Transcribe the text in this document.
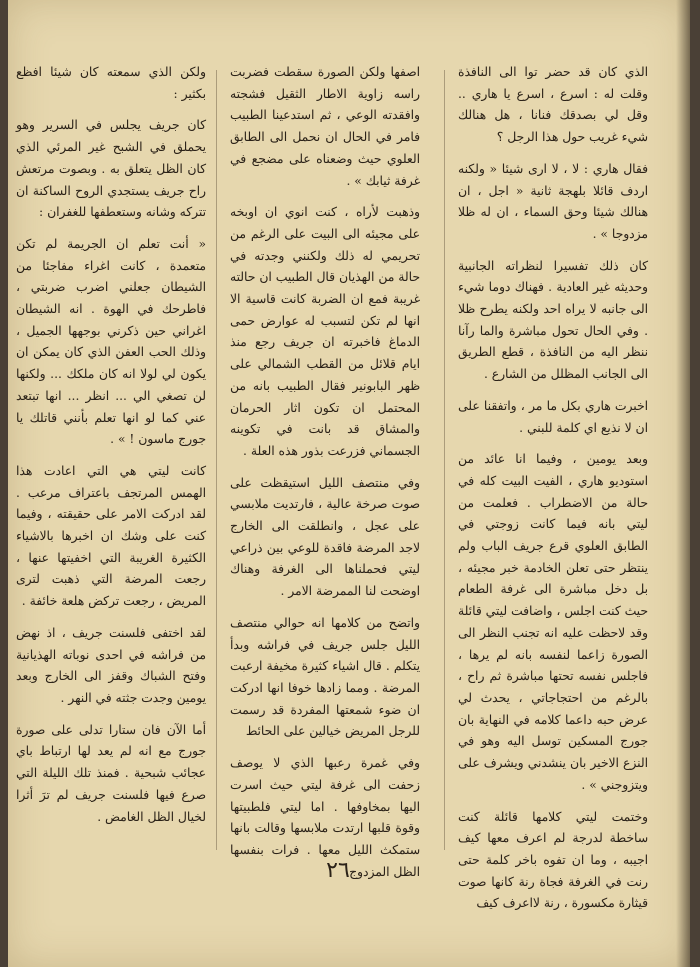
الذي كان قد حضر توا الى النافذة وقلت له : اسرع ، اسرع يا هاري .. وقل لي بصدقك فنانا ، هل هنالك شيء غريب حول هذا الرجل ؟

فقال هاري : لا ، لا ارى شيئا « ولكنه اردف قائلا بلهجة ثانية « اجل ، ان هنالك شيئا وحق السماء ، ان له ظلا مزدوجا » .

كان ذلك تفسيرا لنظراته الجانبية وحديثه غير العادية . فهناك دوما شيء الى جانبه لا يراه احد ولكنه يطرح ظلا . وفي الحال تحول مباشرة والما رآنا ننظر اليه من النافذة ، قطع الطريق الى الجانب المظلل من الشارع .

اخبرت هاري بكل ما مر ، واتفقنا على ان لا نذيع اي كلمة للبني .

وبعد يومين ، وفيما انا عائد من استوديو هاري ، الفيت البيت كله في حالة من الاضطراب . فعلمت من ليتي بانه فيما كانت زوجتي في الطابق العلوي قرع جريف الباب ولم ينتظر حتى تعلن الخادمة خبر مجيئه ، بل دخل مباشرة الى غرفة الطعام حيث كنت اجلس ، واضافت ليتي قائلة وقد لاحظت عليه انه تجنب النظر الى الصورة زاعما لنفسه بانه لم يرها ، فاجلس نفسه تحتها مباشرة ثم راح ، بالرغم من احتجاجاتي ، يحدث لي عرض حبه داعما كلامه في النهاية بان جورج المسكين توسل اليه وهو في النزع الاخير بان ينشدني ويشرف على ويتزوجني » .

وختمت ليتي كلامها قائلة كنت ساخطة لدرجة لم اعرف معها كيف اجيبه ، وما ان تفوه باخر كلمة حتى رنت في الغرفة فجاة رنة كانها صوت قيثارة مكسورة ، رنة لااعرف كيف

اصفها ولكن الصورة سقطت فضربت راسه زاوية الاطار الثقيل فشجته وافقدته الوعي ، ثم استدعينا الطبيب فامر في الحال ان نحمل الى الطابق العلوي حيث وضعناه على مضجع في غرفة ثيابك » .

وذهبت لأراه ، كنت انوي ان اوبخه على مجيئه الى البيت على الرغم من تحريمي له ذلك ولكنني وجدته في حالة من الهذيان قال الطبيب ان حالته غريبة فمع ان الضربة كانت قاسية الا انها لم تكن لتسبب له عوارض حمى الدماغ فاخبرته ان جريف رجع منذ ايام قلائل من القطب الشمالي على ظهر البابونير فقال الطبيب بانه من المحتمل ان تكون اثار الحرمان والمشاق قد بانت في تكوينه الجسماني فزرعت بذور هذه العلة .

وفي منتصف الليل استيقظت على صوت صرخة عالية ، فارتديت ملابسي على عجل ، وانطلقت الى الخارج لاجد المرضة فاقدة للوعي بين ذراعي ليتي فحملناها الى الغرفة وهناك اوضحت لنا الممرضة الامر .

واتضح من كلامها انه حوالي منتصف الليل جلس جريف في فراشه وبدأ يتكلم . قال اشياء كثيرة مخيفة ارعبت المرضة . ومما زادها خوفا انها ادركت ان ضوء شمعتها المفردة قد رسمت للرجل المريض خيالين على الحائط

وفي غمرة رعبها الذي لا يوصف زحفت الى غرفة ليتي حيث اسرت اليها بمخاوفها . اما ليتي فلطبيتها وقوة قلبها ارتدت ملابسها وقالت بانها ستمكث الليل معها . فرات بنفسها الظل المزدوج

ولكن الذي سمعته كان شيئا افظع بكثير :

كان جريف يجلس في السرير وهو يحملق في الشبح غير المرئي الذي كان الظل يتعلق به . وبصوت مرتعش راح جريف يستجدي الروح الساكنة ان تتركه وشانه وستعطفها للغفران :

« أنت تعلم ان الجريمة لم تكن متعمدة ، كانت اغراء مفاجئا من الشيطان جعلني اضرب ضربتي ، فاطرحك في الهوة . انه الشيطان اغراني حين ذكرني بوجهها الجميل ، وذلك الحب العفن الذي كان يمكن ان يكون لي لولا انه كان ملكك ... ولكنها لن تصغي الي ... انظر ... انها تبتعد عني كما لو انها تعلم بأنني قاتلك يا جورج ماسون ! » .

كانت ليتي هي التي اعادت هذا الهمس المرتجف باعتراف مرعب . لقد ادركت الامر على حقيقته ، وفيما كنت على وشك ان اخبرها بالاشياء الكثيرة الغريبة التي اخفيتها عنها ، رجعت المرضة التي ذهبت لترى المريض ، رجعت تركض هلعة خائفة .

لقد اختفى فلسنت جريف ، اذ نهض من فراشه في احدى نوباته الهذيانية وفتح الشباك وقفز الى الخارج وبعد يومين وجدت جثته في النهر .

أما الآن فان ستارا تدلى على صورة جورج مع انه لم يعد لها ارتباط باي عجائب شبحية . فمنذ تلك الليلة التي صرع فيها فلسنت جريف لم ترَ أثرا لخيال الظل الغامض .

٢٦
